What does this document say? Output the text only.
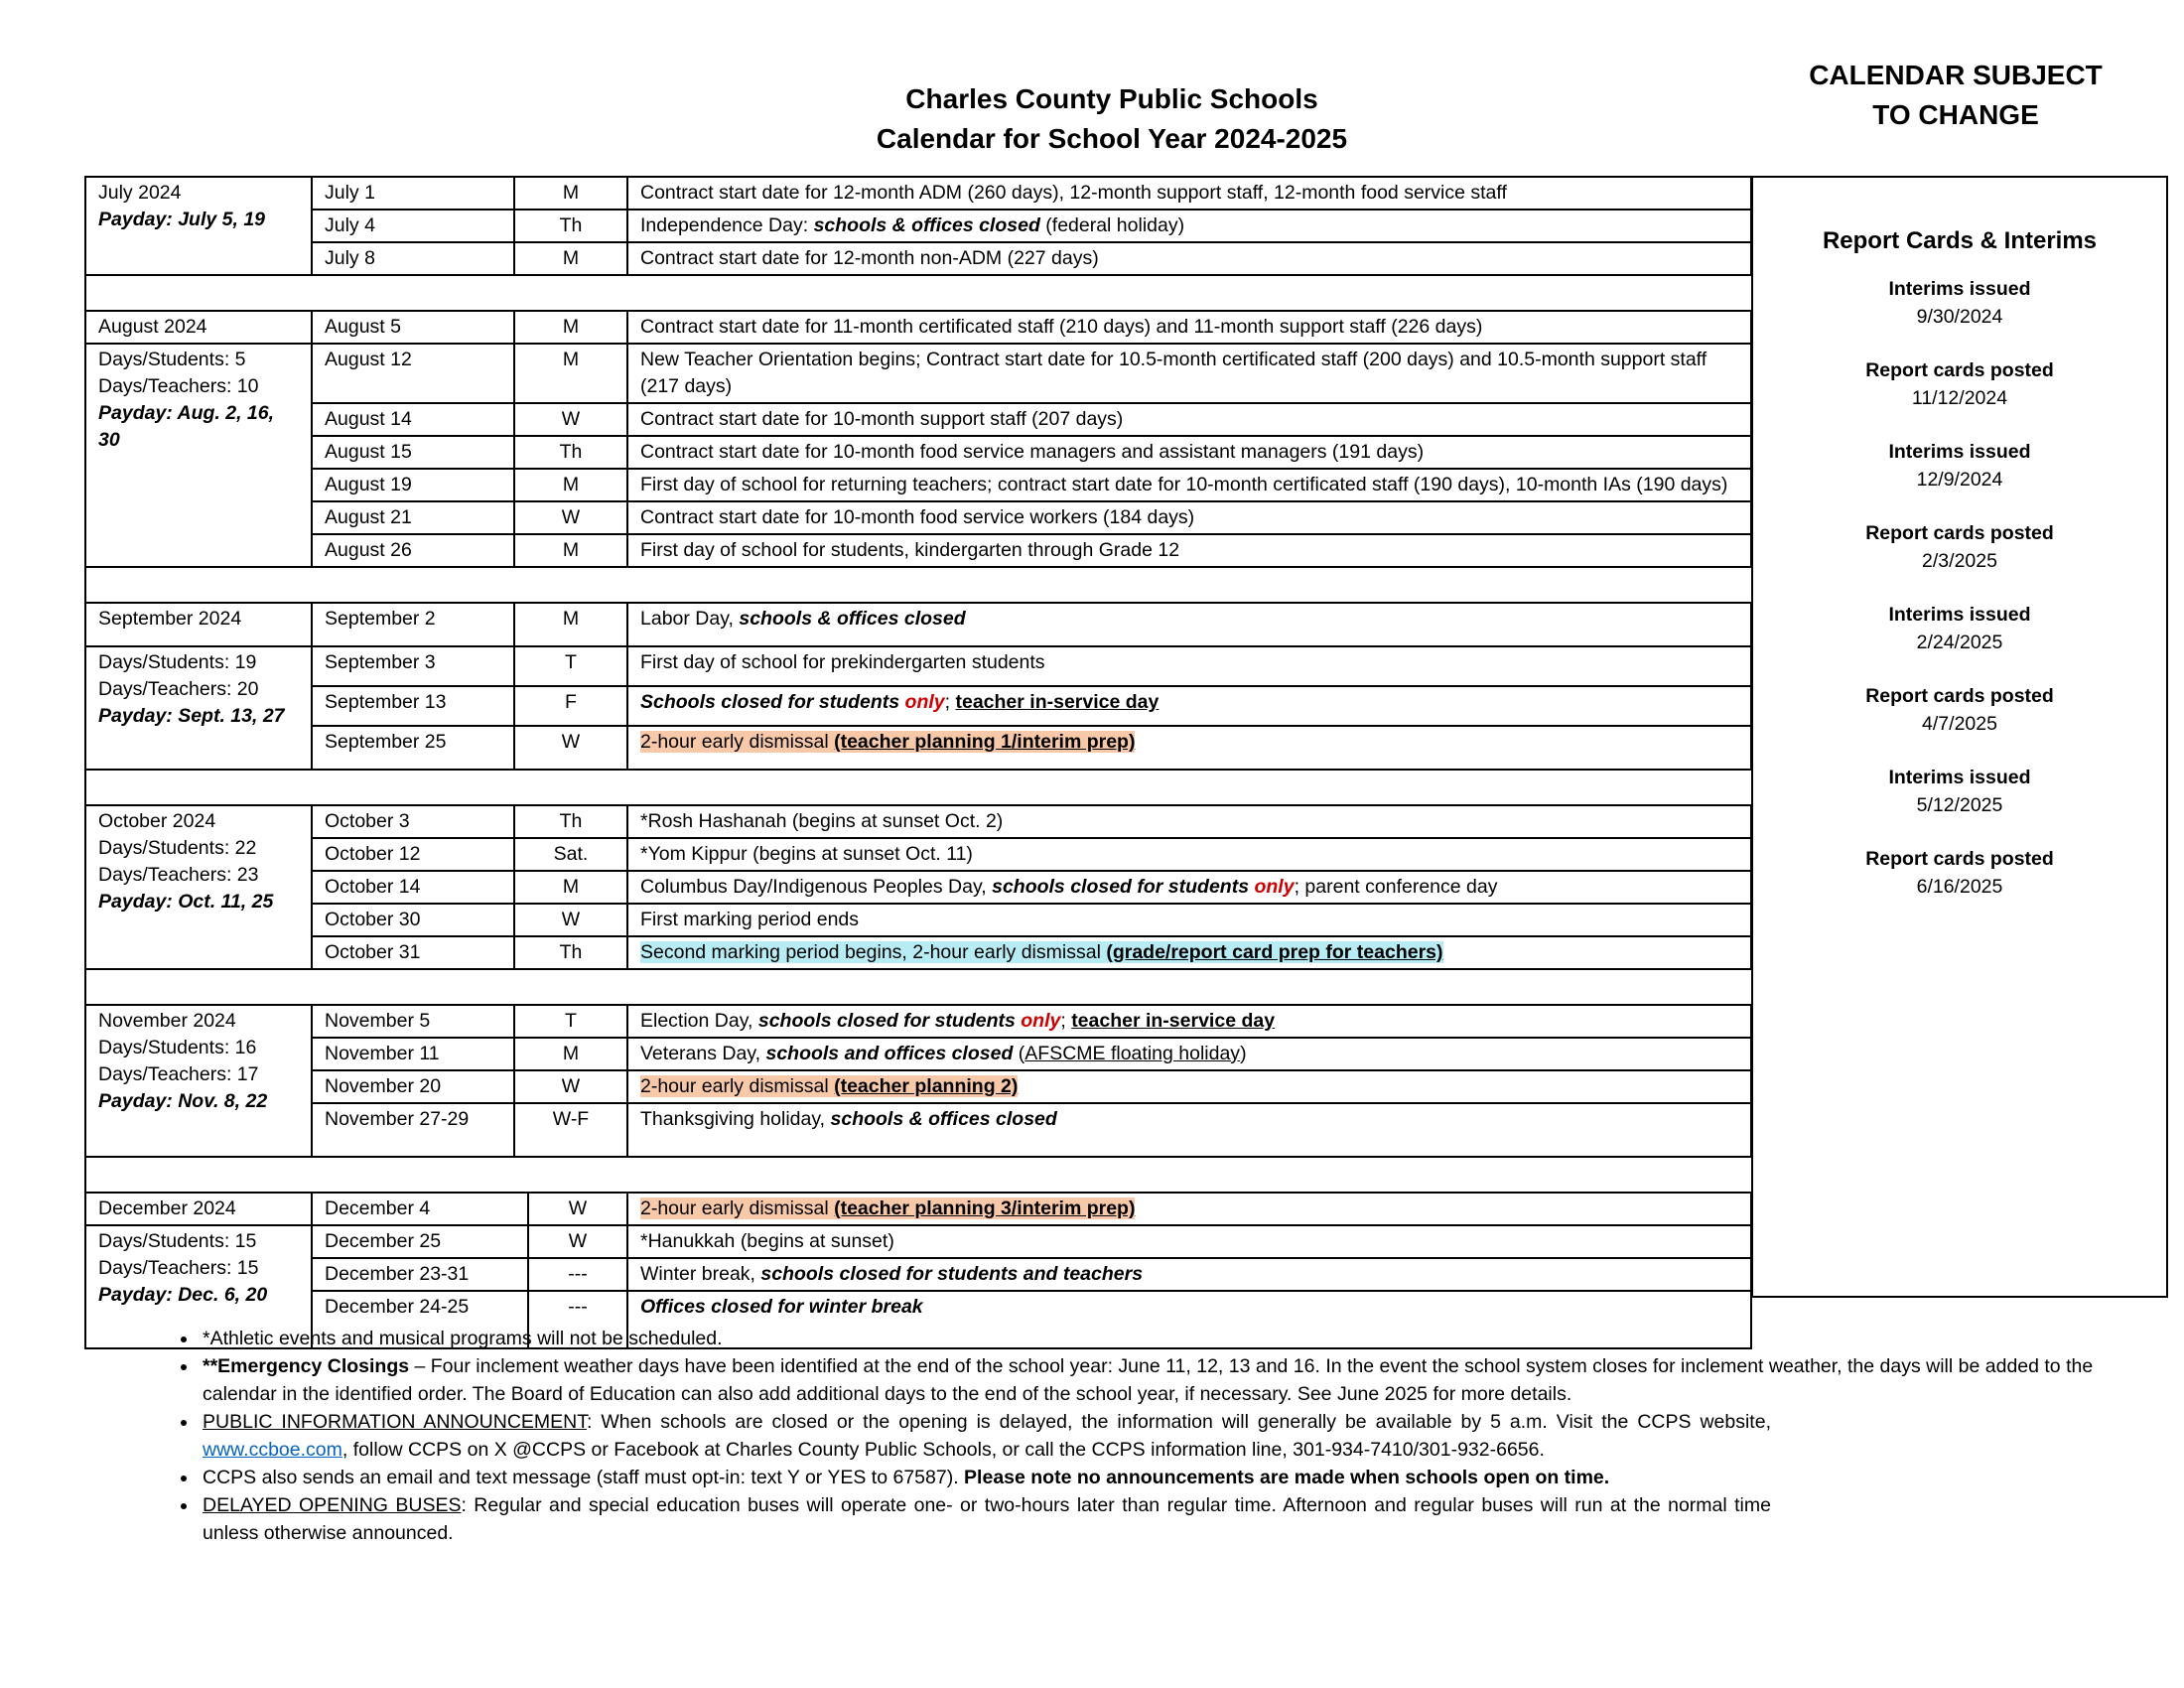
Charles County Public Schools
Calendar for School Year 2024-2025
CALENDAR SUBJECT
TO CHANGE
July 2024
Payday: July 5, 19	July 1	M	Contract start date for 12-month ADM (260 days), 12-month support staff, 12-month food service staff
	July 4	Th	Independence Day: schools & offices closed (federal holiday)
	July 8	M	Contract start date for 12-month non-ADM (227 days)
August 2024	August 5	M	Contract start date for 11-month certificated staff (210 days) and 11-month support staff (226 days)

Days/Students: 5
Days/Teachers: 10
Payday: Aug. 2, 16, 30	August 12	M	New Teacher Orientation begins; Contract start date for 10.5-month certificated staff (200 days) and 10.5-month support staff (217 days)
	August 14	W	Contract start date for 10-month support staff (207 days)
	August 15	Th	Contract start date for 10-month food service managers and assistant managers (191 days)
	August 19	M	First day of school for returning teachers; contract start date for 10-month certificated staff (190 days), 10-month IAs (190 days)
	August 21	W	Contract start date for 10-month food service workers (184 days)
	August 26	M	First day of school for students, kindergarten through Grade 12
September 2024	September 2	M	Labor Day, schools & offices closed

Days/Students: 19
Days/Teachers: 20
Payday: Sept. 13, 27	September 3	T	First day of school for prekindergarten students
	September 13	F	Schools closed for students only; teacher in-service day
	September 25	W	2-hour early dismissal (teacher planning 1/interim prep)
October 2024
Days/Students: 22
Days/Teachers: 23
Payday: Oct. 11, 25	October 3	Th	*Rosh Hashanah (begins at sunset Oct. 2)
	October 12	Sat.	*Yom Kippur (begins at sunset Oct. 11)
	October 14	M	Columbus Day/Indigenous Peoples Day, schools closed for students only; parent conference day
	October 30	W	First marking period ends
	October 31	Th	Second marking period begins, 2-hour early dismissal (grade/report card prep for teachers)
November 2024
Days/Students: 16
Days/Teachers: 17
Payday: Nov. 8, 22	November 5	T	Election Day, schools closed for students only; teacher in-service day
	November 11	M	Veterans Day, schools and offices closed (AFSCME floating holiday)
	November 20	W	2-hour early dismissal (teacher planning 2)
	November 27-29	W-F	Thanksgiving holiday, schools & offices closed
December 2024	December 4	W	2-hour early dismissal (teacher planning 3/interim prep)

Days/Students: 15
Days/Teachers: 15
Payday: Dec. 6, 20	December 25	W	*Hanukkah (begins at sunset)
	December 23-31	---	Winter break, schools closed for students and teachers
	December 24-25	---	Offices closed for winter break
Report Cards & Interims
Interims issued
9/30/2024
Report cards posted
11/12/2024
Interims issued
12/9/2024
Report cards posted
2/3/2025
Interims issued
2/24/2025
Report cards posted
4/7/2025
Interims issued
5/12/2025
Report cards posted
6/16/2025
• *Athletic events and musical programs will not be scheduled.
• **Emergency Closings – Four inclement weather days have been identified at the end of the school year: June 11, 12, 13 and 16. In the event the school system closes for inclement weather, the days will be added to the calendar in the identified order. The Board of Education can also add additional days to the end of the school year, if necessary. See June 2025 for more details.
• PUBLIC INFORMATION ANNOUNCEMENT: When schools are closed or the opening is delayed, the information will generally be available by 5 a.m. Visit the CCPS website, www.ccboe.com, follow CCPS on X @CCPS or Facebook at Charles County Public Schools, or call the CCPS information line, 301-934-7410/301-932-6656.
• CCPS also sends an email and text message (staff must opt-in: text Y or YES to 67587). Please note no announcements are made when schools open on time.
• DELAYED OPENING BUSES: Regular and special education buses will operate one- or two-hours later than regular time. Afternoon and regular buses will run at the normal time unless otherwise announced.
